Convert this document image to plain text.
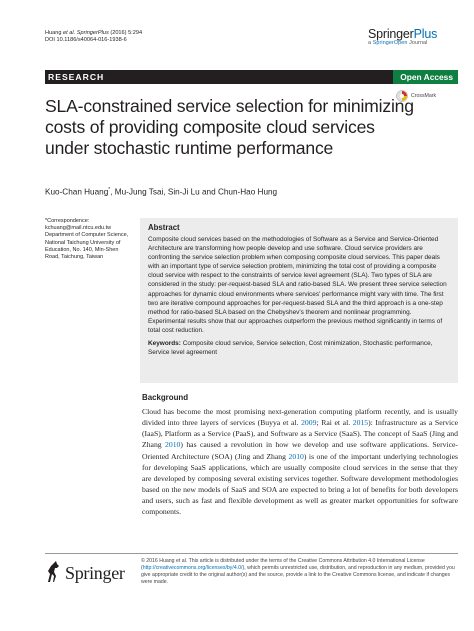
Huang et al. SpringerPlus (2016) 5:294
DOI 10.1186/s40064-016-1938-6	SpringerPlus
a SpringerOpen Journal
RESEARCH	Open Access
CrossMark
SLA-constrained service selection for minimizing costs of providing composite cloud services under stochastic runtime performance
Kuo-Chan Huang*, Mu-Jung Tsai, Sin-Ji Lu and Chun-Hao Hung
*Correspondence:
kchuang@mail.ntcu.edu.tw
Department of Computer Science, National Taichung University of Education, No. 140, Min-Shen Road, Taichung, Taiwan
Abstract
Composite cloud services based on the methodologies of Software as a Service and Service-Oriented Architecture are transforming how people develop and use software. Cloud service providers are confronting the service selection problem when composing composite cloud services. This paper deals with an important type of service selection problem, minimizing the total cost of providing a composite cloud service with respect to the constraints of service level agreement (SLA). Two types of SLA are considered in the study: per-request-based SLA and ratio-based SLA. We present three service selection approaches for dynamic cloud environments where services' performance might vary with time. The first two are iterative compound approaches for per-request-based SLA and the third approach is a one-step method for ratio-based SLA based on the Chebyshev's theorem and nonlinear programming. Experimental results show that our approaches outperform the previous method significantly in terms of total cost reduction.
Keywords: Composite cloud service, Service selection, Cost minimization, Stochastic performance, Service level agreement
Background
Cloud has become the most promising next-generation computing platform recently, and is usually divided into three layers of services (Buyya et al. 2009; Rai et al. 2015): Infrastructure as a Service (IaaS), Platform as a Service (PaaS), and Software as a Service (SaaS). The concept of SaaS (Jing and Zhang 2010) has caused a revolution in how we develop and use software applications. Service-Oriented Architecture (SOA) (Jing and Zhang 2010) is one of the important underlying technologies for developing SaaS applications, which are usually composite cloud services in the sense that they are developed by composing several existing services together. Software development methodologies based on the new models of SaaS and SOA are expected to bring a lot of benefits for both developers and users, such as fast and flexible development as well as greater market opportunities for software components.
Springer
© 2016 Huang et al. This article is distributed under the terms of the Creative Commons Attribution 4.0 International License (http://creativecommons.org/licenses/by/4.0/), which permits unrestricted use, distribution, and reproduction in any medium, provided you give appropriate credit to the original author(s) and the source, provide a link to the Creative Commons license, and indicate if changes were made.
